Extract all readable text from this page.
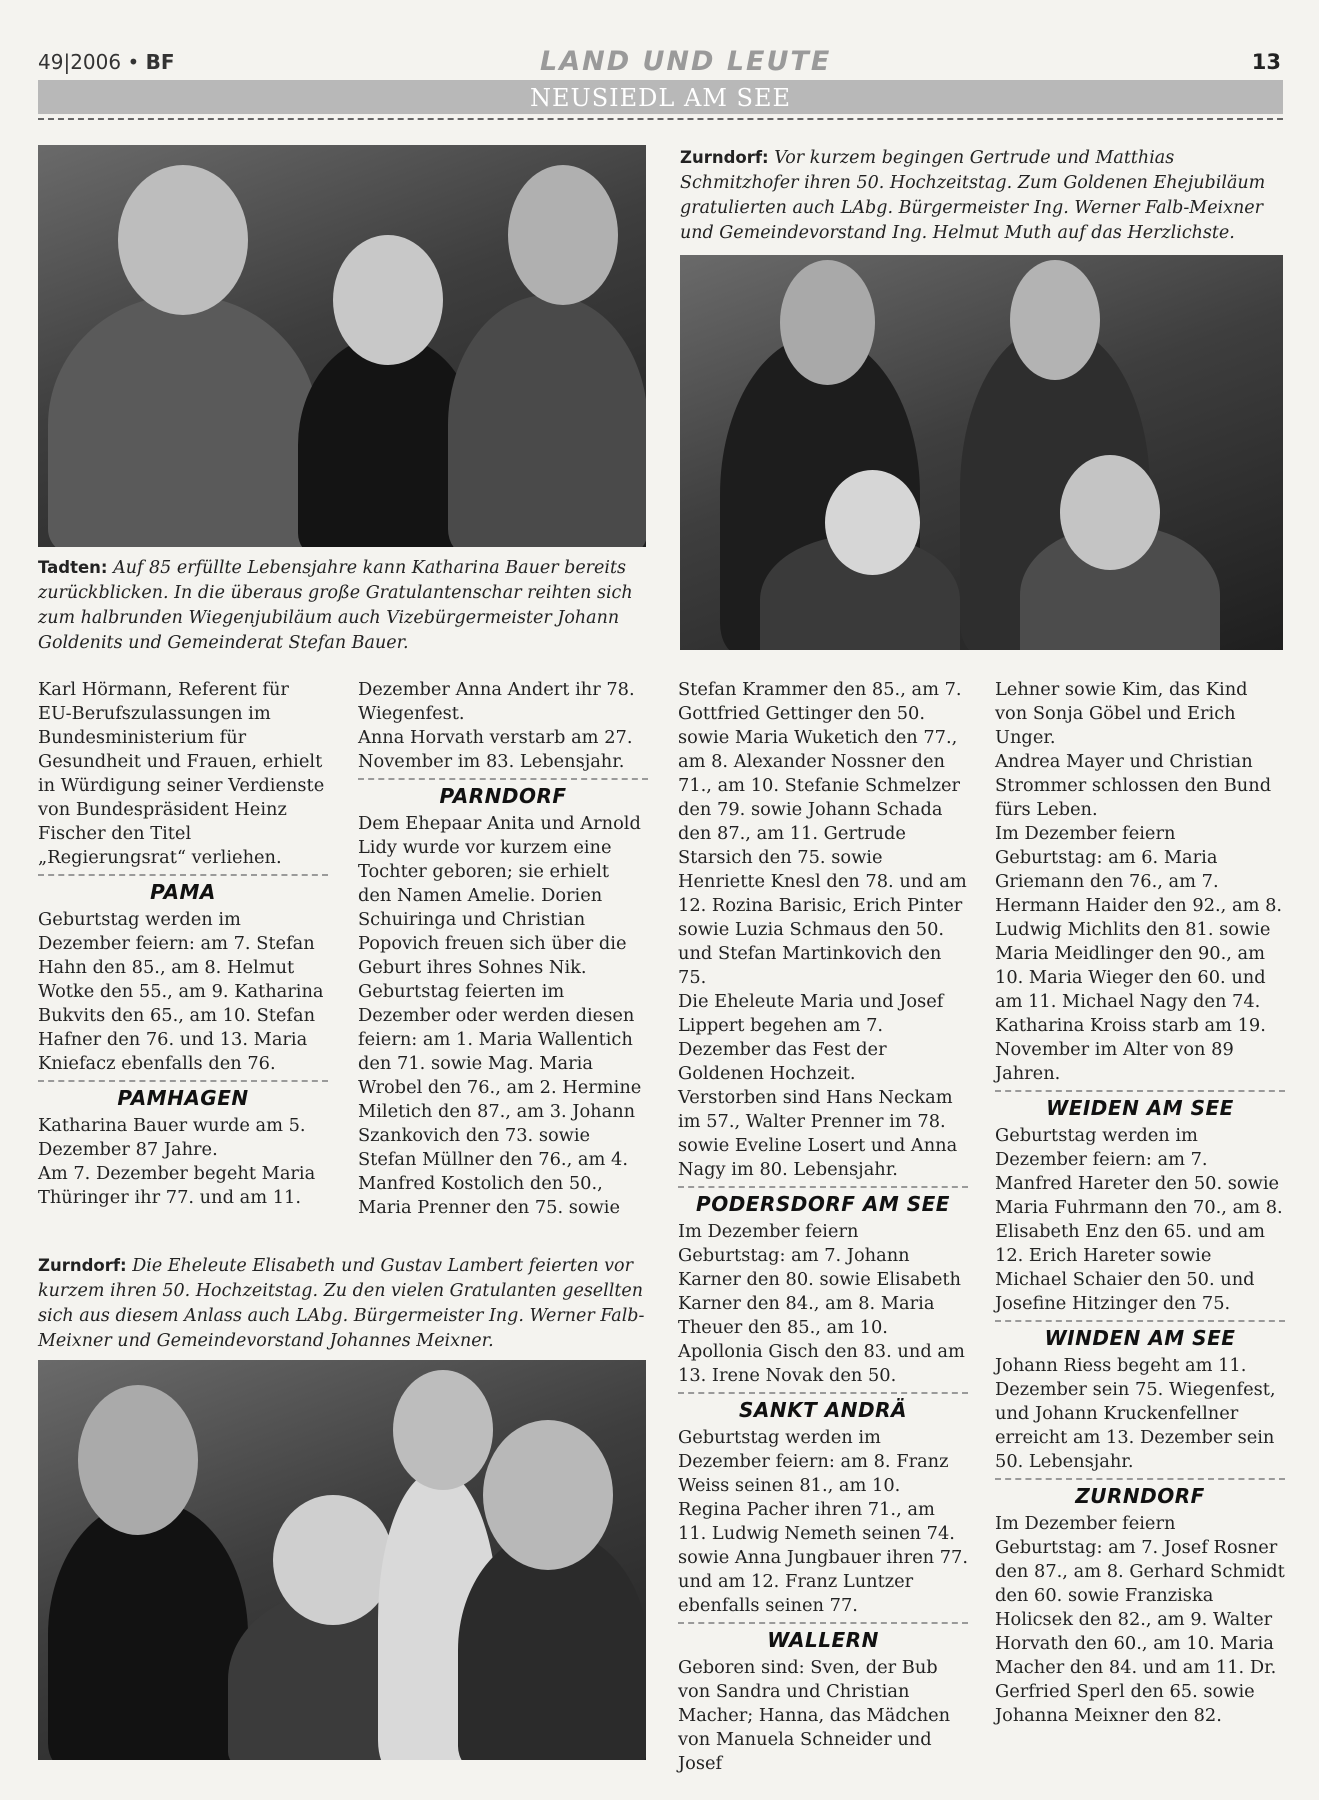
49|2006 • BF	LAND UND LEUTE	13
NEUSIEDL AM SEE
Tadten: Auf 85 erfüllte Lebensjahre kann Katharina Bauer bereits zurückblicken. In die überaus große Gratulantenschar reihten sich zum halbrunden Wiegenjubiläum auch Vizebürgermeister Johann Goldenits und Gemeinderat Stefan Bauer.
Zurndorf: Vor kurzem begingen Gertrude und Matthias Schmitzhofer ihren 50. Hochzeitstag. Zum Goldenen Ehejubiläum gratulierten auch LAbg. Bürgermeister Ing. Werner Falb-Meixner und Gemeindevorstand Ing. Helmut Muth auf das Herzlichste.

Karl Hörmann, Referent für EU-Berufszulassungen im Bundesministerium für Gesundheit und Frauen, erhielt in Würdigung seiner Verdienste von Bundespräsident Heinz Fischer den Titel „Regierungsrat“ verliehen.

PAMA

Geburtstag werden im Dezember feiern: am 7. Stefan Hahn den 85., am 8. Helmut Wotke den 55., am 9. Katharina Bukvits den 65., am 10. Stefan Hafner den 76. und 13. Maria Kniefacz ebenfalls den 76.

PAMHAGEN

Katharina Bauer wurde am 5. Dezember 87 Jahre.

Am 7. Dezember begeht Maria Thüringer ihr 77. und am 11.

Dezember Anna Andert ihr 78. Wiegenfest.

Anna Horvath verstarb am 27. November im 83. Lebensjahr.

PARNDORF

Dem Ehepaar Anita und Arnold Lidy wurde vor kurzem eine Tochter geboren; sie erhielt den Namen Amelie. Dorien Schuiringa und Christian Popovich freuen sich über die Geburt ihres Sohnes Nik.

Geburtstag feierten im Dezember oder werden diesen feiern: am 1. Maria Wallentich den 71. sowie Mag. Maria Wrobel den 76., am 2. Hermine Miletich den 87., am 3. Johann Szankovich den 73. sowie Stefan Müllner den 76., am 4. Manfred Kostolich den 50., Maria Prenner den 75. sowie

Zurndorf: Die Eheleute Elisabeth und Gustav Lambert feierten vor kurzem ihren 50. Hochzeitstag. Zu den vielen Gratulanten gesellten sich aus diesem Anlass auch LAbg. Bürgermeister Ing. Werner Falb-Meixner und Gemeindevorstand Johannes Meixner.

Stefan Krammer den 85., am 7. Gottfried Gettinger den 50. sowie Maria Wuketich den 77., am 8. Alexander Nossner den 71., am 10. Stefanie Schmelzer den 79. sowie Johann Schada den 87., am 11. Gertrude Starsich den 75. sowie Henriette Knesl den 78. und am 12. Rozina Barisic, Erich Pinter sowie Luzia Schmaus den 50. und Stefan Martinkovich den 75.

Die Eheleute Maria und Josef Lippert begehen am 7. Dezember das Fest der Goldenen Hochzeit.

Verstorben sind Hans Neckam im 57., Walter Prenner im 78. sowie Eveline Losert und Anna Nagy im 80. Lebensjahr.

PODERSDORF AM SEE

Im Dezember feiern Geburtstag: am 7. Johann Karner den 80. sowie Elisabeth Karner den 84., am 8. Maria Theuer den 85., am 10. Apollonia Gisch den 83. und am 13. Irene Novak den 50.

SANKT ANDRÄ

Geburtstag werden im Dezember feiern: am 8. Franz Weiss seinen 81., am 10. Regina Pacher ihren 71., am 11. Ludwig Nemeth seinen 74. sowie Anna Jungbauer ihren 77. und am 12. Franz Luntzer ebenfalls seinen 77.

WALLERN

Geboren sind: Sven, der Bub von Sandra und Christian Macher; Hanna, das Mädchen von Manuela Schneider und Josef

Lehner sowie Kim, das Kind von Sonja Göbel und Erich Unger.

Andrea Mayer und Christian Strommer schlossen den Bund fürs Leben.

Im Dezember feiern Geburtstag: am 6. Maria Griemann den 76., am 7. Hermann Haider den 92., am 8. Ludwig Michlits den 81. sowie Maria Meidlinger den 90., am 10. Maria Wieger den 60. und am 11. Michael Nagy den 74.

Katharina Kroiss starb am 19. November im Alter von 89 Jahren.

WEIDEN AM SEE

Geburtstag werden im Dezember feiern: am 7. Manfred Hareter den 50. sowie Maria Fuhrmann den 70., am 8. Elisabeth Enz den 65. und am 12. Erich Hareter sowie Michael Schaier den 50. und Josefine Hitzinger den 75.

WINDEN AM SEE

Johann Riess begeht am 11. Dezember sein 75. Wiegenfest, und Johann Kruckenfellner erreicht am 13. Dezember sein 50. Lebensjahr.

ZURNDORF

Im Dezember feiern Geburtstag: am 7. Josef Rosner den 87., am 8. Gerhard Schmidt den 60. sowie Franziska Holicsek den 82., am 9. Walter Horvath den 60., am 10. Maria Macher den 84. und am 11. Dr. Gerfried Sperl den 65. sowie Johanna Meixner den 82.
